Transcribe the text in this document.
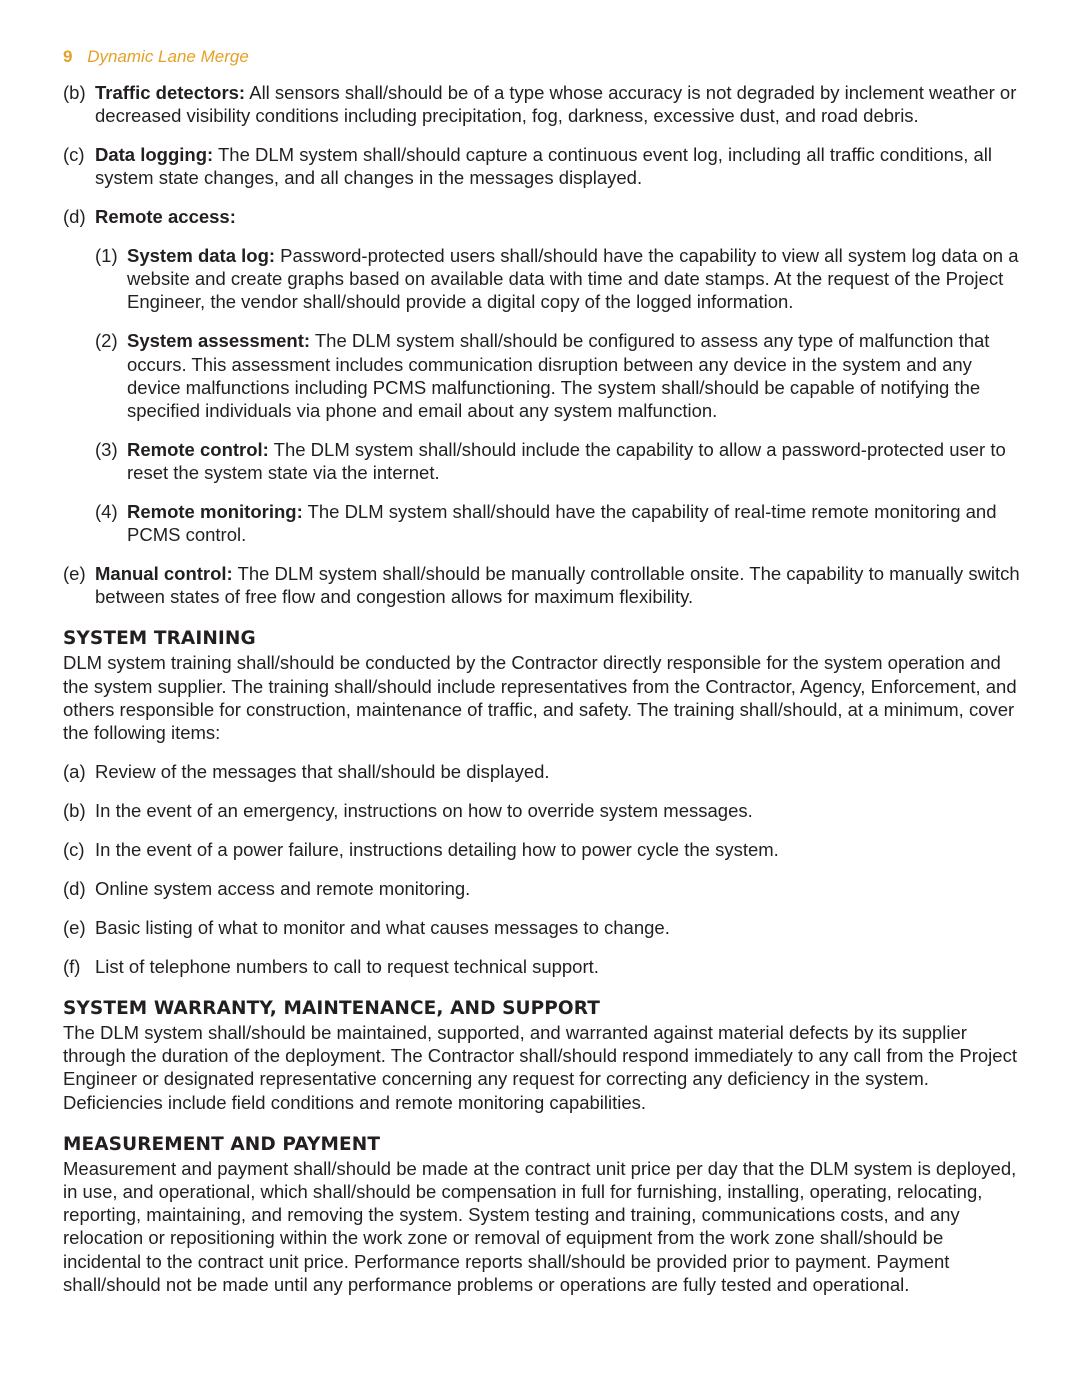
9 Dynamic Lane Merge
(b) Traffic detectors: All sensors shall/should be of a type whose accuracy is not degraded by inclement weather or decreased visibility conditions including precipitation, fog, darkness, excessive dust, and road debris.
(c) Data logging: The DLM system shall/should capture a continuous event log, including all traffic conditions, all system state changes, and all changes in the messages displayed.
(d) Remote access:
(1) System data log: Password-protected users shall/should have the capability to view all system log data on a website and create graphs based on available data with time and date stamps. At the request of the Project Engineer, the vendor shall/should provide a digital copy of the logged information.
(2) System assessment: The DLM system shall/should be configured to assess any type of malfunction that occurs. This assessment includes communication disruption between any device in the system and any device malfunctions including PCMS malfunctioning. The system shall/should be capable of notifying the specified individuals via phone and email about any system malfunction.
(3) Remote control: The DLM system shall/should include the capability to allow a password-protected user to reset the system state via the internet.
(4) Remote monitoring: The DLM system shall/should have the capability of real-time remote monitoring and PCMS control.
(e) Manual control: The DLM system shall/should be manually controllable onsite. The capability to manually switch between states of free flow and congestion allows for maximum flexibility.
SYSTEM TRAINING
DLM system training shall/should be conducted by the Contractor directly responsible for the system operation and the system supplier. The training shall/should include representatives from the Contractor, Agency, Enforcement, and others responsible for construction, maintenance of traffic, and safety. The training shall/should, at a minimum, cover the following items:
(a) Review of the messages that shall/should be displayed.
(b) In the event of an emergency, instructions on how to override system messages.
(c) In the event of a power failure, instructions detailing how to power cycle the system.
(d) Online system access and remote monitoring.
(e) Basic listing of what to monitor and what causes messages to change.
(f) List of telephone numbers to call to request technical support.
SYSTEM WARRANTY, MAINTENANCE, AND SUPPORT
The DLM system shall/should be maintained, supported, and warranted against material defects by its supplier through the duration of the deployment. The Contractor shall/should respond immediately to any call from the Project Engineer or designated representative concerning any request for correcting any deficiency in the system. Deficiencies include field conditions and remote monitoring capabilities.
MEASUREMENT AND PAYMENT
Measurement and payment shall/should be made at the contract unit price per day that the DLM system is deployed, in use, and operational, which shall/should be compensation in full for furnishing, installing, operating, relocating, reporting, maintaining, and removing the system. System testing and training, communications costs, and any relocation or repositioning within the work zone or removal of equipment from the work zone shall/should be incidental to the contract unit price. Performance reports shall/should be provided prior to payment. Payment shall/should not be made until any performance problems or operations are fully tested and operational.
